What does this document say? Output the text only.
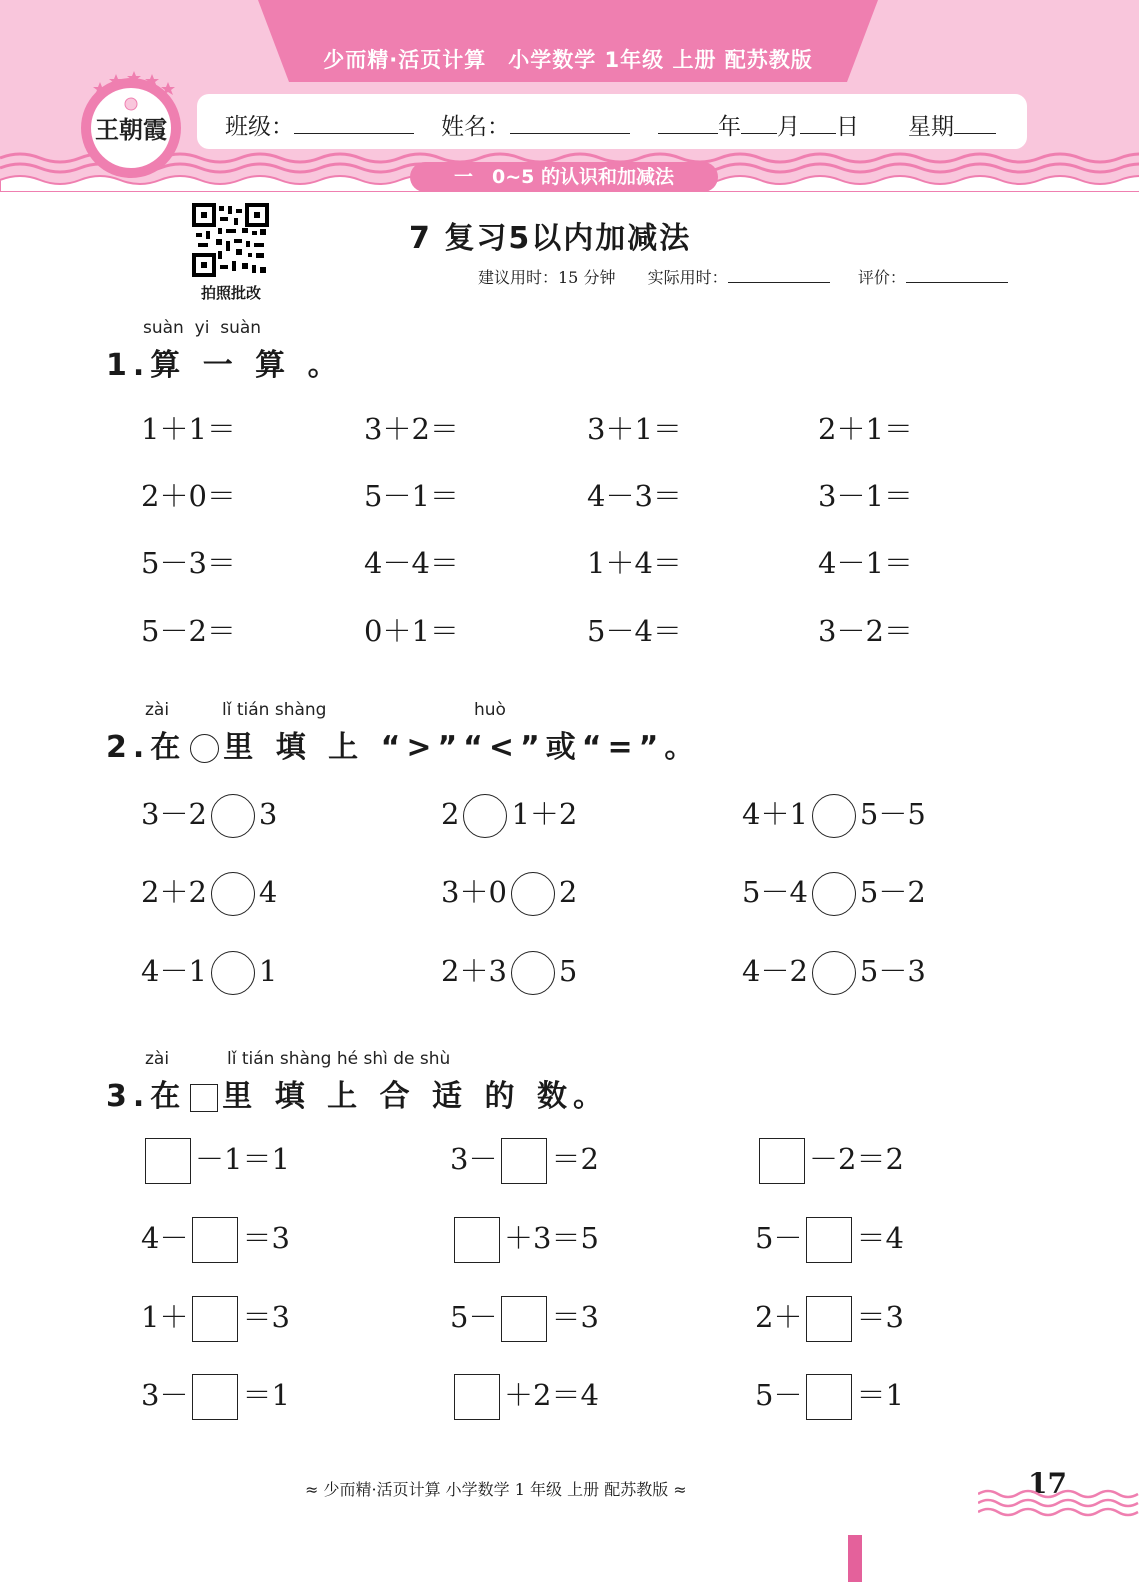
少而精·活页计算　小学数学 1年级 上册 配苏教版
班级：	姓名：	年 月 日 星期
一　0~5 的认识和加减法
王朝霞
拍照批改
7 复习5以内加减法
建议用时：15 分钟 实际用时：	评价：
suàn yi suàn
1.算 一 算 。
1＋1＝	3＋2＝	3＋1＝	2＋1＝
2＋0＝	5－1＝	4－3＝	3－1＝
5－3＝	4－4＝	1＋4＝	4－1＝
5－2＝	0＋1＝	5－4＝	3－2＝
zài	lǐ tián shàng	huò
2.在 里 填 上 “>”“<”或“=”。
3－2 3	2 1＋2	4＋1 5－5
2＋2 4	3＋0 2	5－4 5－2
4－1 1	2＋3 5	4－2 5－3
zài	lǐ tián shàng hé shì de shù
3.在 里 填 上 合 适 的 数。
－1＝1	3－ ＝2	－2＝2
4－ ＝3	＋3＝5	5－ ＝4
1＋ ＝3	5－ ＝3	2＋ ＝3
3－ ＝1	＋2＝4	5－ ＝1
≈ 少而精·活页计算 小学数学 1 年级 上册 配苏教版 ≈	17
